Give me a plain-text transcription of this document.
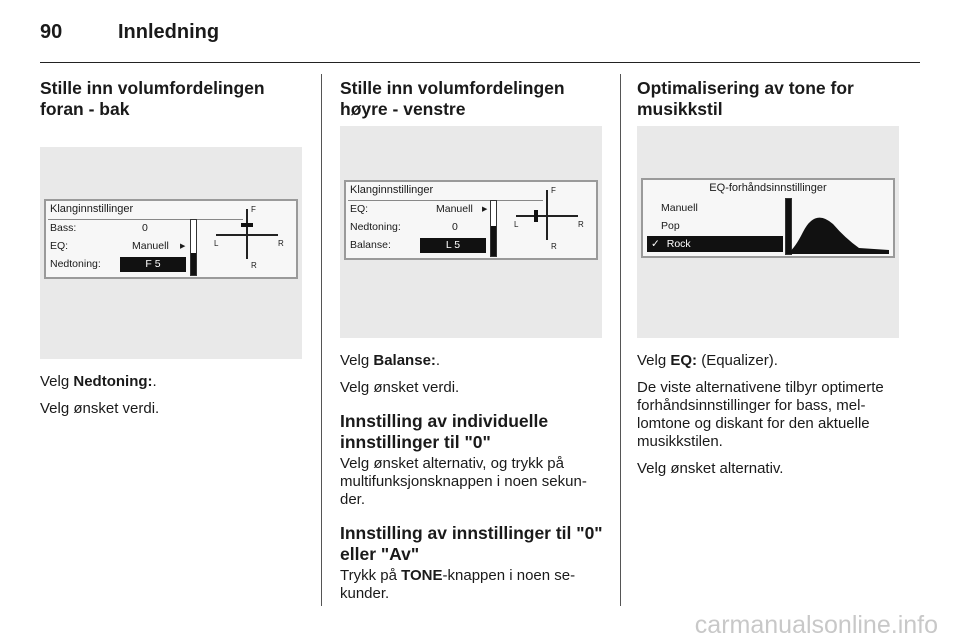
90	Innledning
Stille inn volumfordelingen foran - bak
Klanginnstillinger
Bass:	0
EQ:	Manuell ▶
Nedtoning:	F 5
F
R
L	R

Velg Nedtoning:.

Velg ønsket verdi.

Stille inn volumfordelingen høyre - venstre
Klanginnstillinger
EQ:	Manuell ▶
Nedtoning:	0
Balanse:	L 5
F
R
L	R

Velg Balanse:.

Velg ønsket verdi.

Innstilling av individuelle innstillinger til "0"

Velg ønsket alternativ, og trykk på multifunksjonsknappen i noen sekun-der.

Innstilling av innstillinger til "0" eller "Av"

Trykk på TONE-knappen i noen se-kunder.

Optimalisering av tone for musikkstil
EQ-forhåndsinnstillinger
Manuell
Pop
✓ Rock

Velg EQ: (Equalizer).

De viste alternativene tilbyr optimerte forhåndsinnstillinger for bass, mel-lomtone og diskant for den aktuelle musikkstilen.

Velg ønsket alternativ.

carmanualsonline.info
